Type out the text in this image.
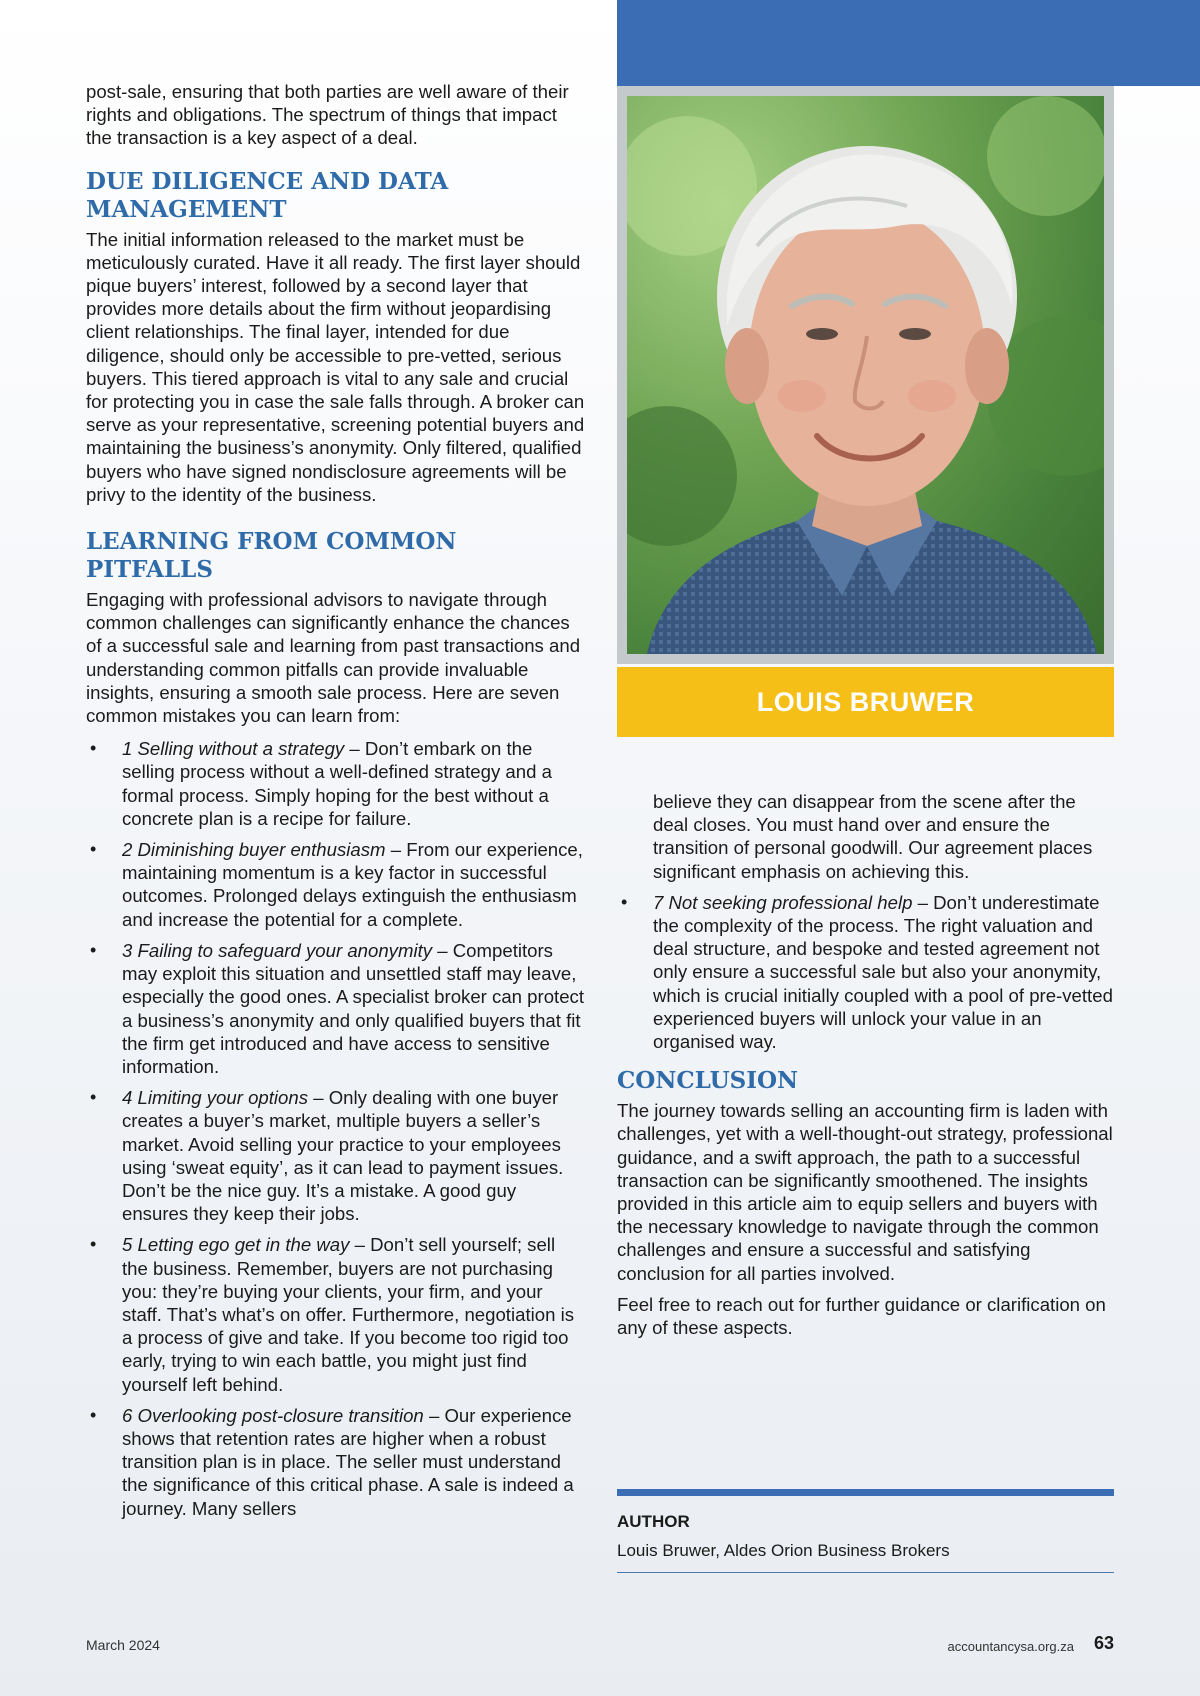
post-sale, ensuring that both parties are well aware of their rights and obligations. The spectrum of things that impact the transaction is a key aspect of a deal.

DUE DILIGENCE AND DATA MANAGEMENT

The initial information released to the market must be meticulously curated. Have it all ready. The first layer should pique buyers’ interest, followed by a second layer that provides more details about the firm without jeopardising client relationships. The final layer, intended for due diligence, should only be accessible to pre-vetted, serious buyers. This tiered approach is vital to any sale and crucial for protecting you in case the sale falls through. A broker can serve as your representative, screening potential buyers and maintaining the business’s anonymity. Only filtered, qualified buyers who have signed nondisclosure agreements will be privy to the identity of the business.

LEARNING FROM COMMON PITFALLS

Engaging with professional advisors to navigate through common challenges can significantly enhance the chances of a successful sale and learning from past transactions and understanding common pitfalls can provide invaluable insights, ensuring a smooth sale process. Here are seven common mistakes you can learn from:

• 1 Selling without a strategy – Don’t embark on the selling process without a well-defined strategy and a formal process. Simply hoping for the best without a concrete plan is a recipe for failure.
• 2 Diminishing buyer enthusiasm – From our experience, maintaining momentum is a key factor in successful outcomes. Prolonged delays extinguish the enthusiasm and increase the potential for a complete.
• 3 Failing to safeguard your anonymity – Competitors may exploit this situation and unsettled staff may leave, especially the good ones. A specialist broker can protect a business’s anonymity and only qualified buyers that fit the firm get introduced and have access to sensitive information.
• 4 Limiting your options – Only dealing with one buyer creates a buyer’s market, multiple buyers a seller’s market. Avoid selling your practice to your employees using ‘sweat equity’, as it can lead to payment issues. Don’t be the nice guy. It’s a mistake. A good guy ensures they keep their jobs.
• 5 Letting ego get in the way – Don’t sell yourself; sell the business. Remember, buyers are not purchasing you: they’re buying your clients, your firm, and your staff. That’s what’s on offer. Furthermore, negotiation is a process of give and take. If you become too rigid too early, trying to win each battle, you might just find yourself left behind.
• 6 Overlooking post-closure transition – Our experience shows that retention rates are higher when a robust transition plan is in place. The seller must understand the significance of this critical phase. A sale is indeed a journey. Many sellers
LOUIS BRUWER
believe they can disappear from the scene after the deal closes. You must hand over and ensure the transition of personal goodwill. Our agreement places significant emphasis on achieving this.
• 7 Not seeking professional help – Don’t underestimate the complexity of the process. The right valuation and deal structure, and bespoke and tested agreement not only ensure a successful sale but also your anonymity, which is crucial initially coupled with a pool of pre-vetted experienced buyers will unlock your value in an organised way.
CONCLUSION

The journey towards selling an accounting firm is laden with challenges, yet with a well-thought-out strategy, professional guidance, and a swift approach, the path to a successful transaction can be significantly smoothened. The insights provided in this article aim to equip sellers and buyers with the necessary knowledge to navigate through the common challenges and ensure a successful and satisfying conclusion for all parties involved.

Feel free to reach out for further guidance or clarification on any of these aspects.

AUTHOR
Louis Bruwer, Aldes Orion Business Brokers
March 2024	accountancysa.org.za 63
